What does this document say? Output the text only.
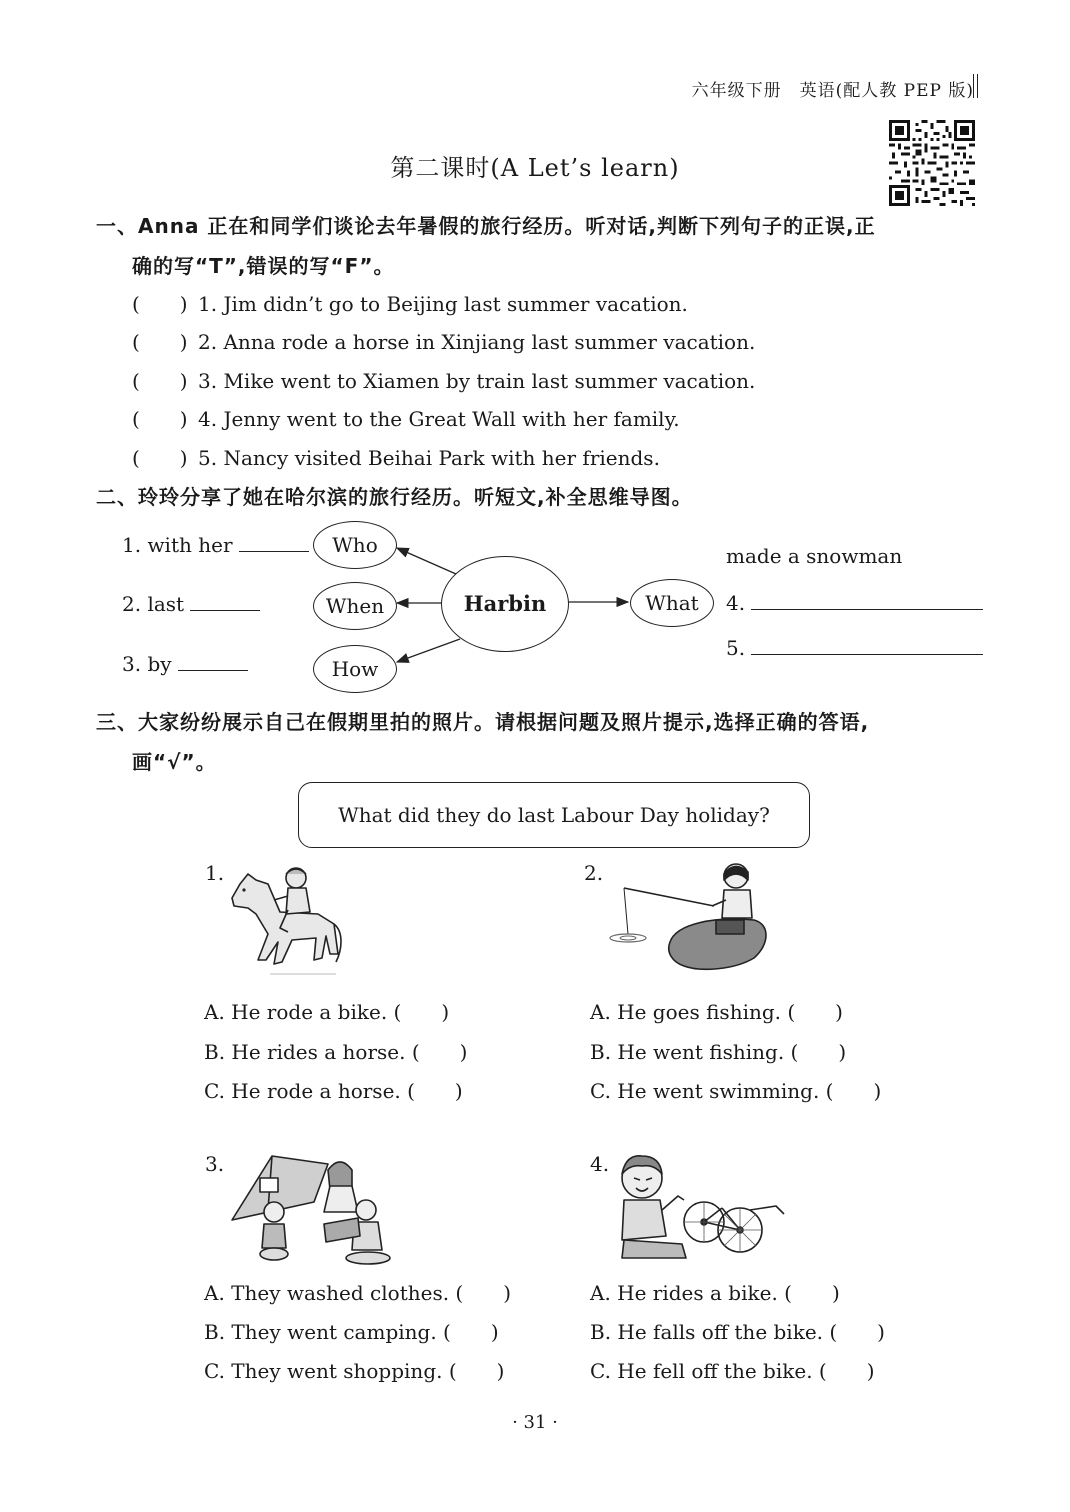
六年级下册　英语(配人教 PEP 版)
第二课时(A Let’s learn)
一、Anna 正在和同学们谈论去年暑假的旅行经历。听对话,判断下列句子的正误,正
确的写“T”,错误的写“F”。
(　　) 1. Jim didn’t go to Beijing last summer vacation.
(　　) 2. Anna rode a horse in Xinjiang last summer vacation.
(　　) 3. Mike went to Xiamen by train last summer vacation.
(　　) 4. Jenny went to the Great Wall with her family.
(　　) 5. Nancy visited Beihai Park with her friends.
二、玲玲分享了她在哈尔滨的旅行经历。听短文,补全思维导图。
1. with her
2. last
3. by
Who
When
How
Harbin	What
made a snowman
4.
5.
三、大家纷纷展示自己在假期里拍的照片。请根据问题及照片提示,选择正确的答语,
画“√”。
What did they do last Labour Day holiday?
1.
A. He rode a bike. (　　)
B. He rides a horse. (　　)
C. He rode a horse. (　　)
2.
A. He goes fishing. (　　)
B. He went fishing. (　　)
C. He went swimming. (　　)
3.
A. They washed clothes. (　　)
B. They went camping. (　　)
C. They went shopping. (　　)
4.
A. He rides a bike. (　　)
B. He falls off the bike. (　　)
C. He fell off the bike. (　　)
· 31 ·
